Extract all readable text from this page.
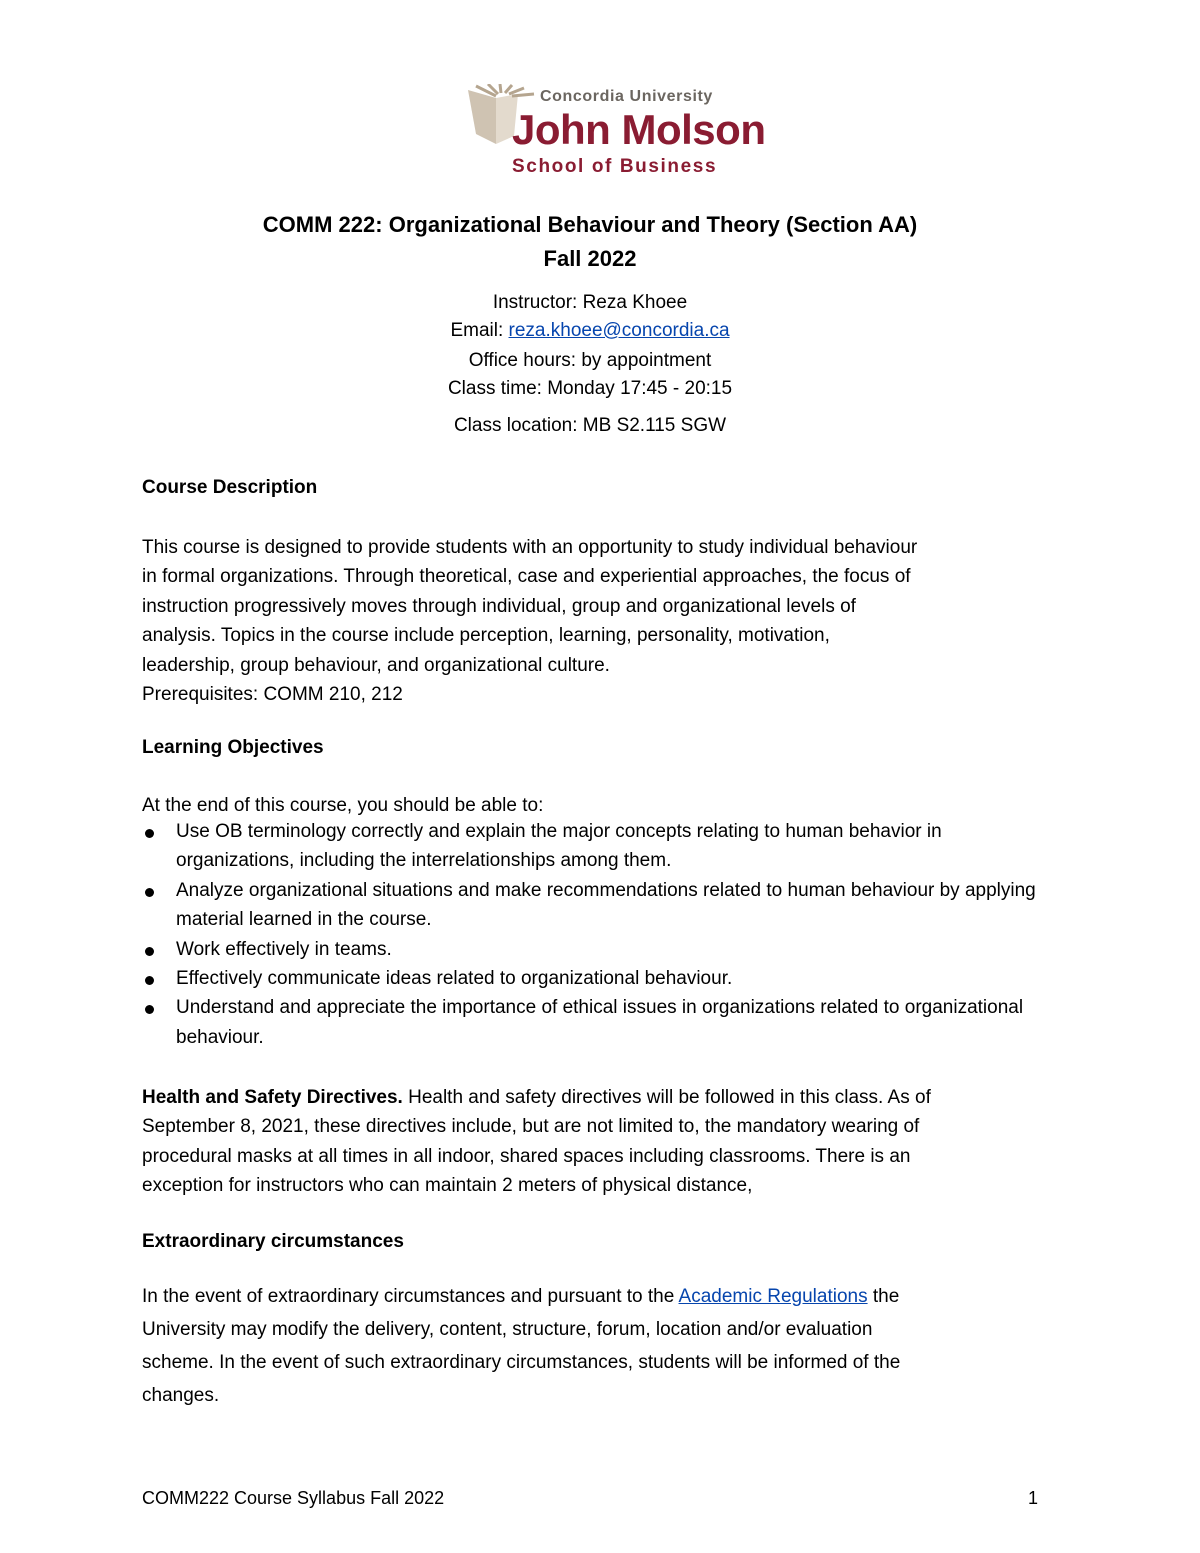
Concordia University
John Molson
School of Business
COMM 222: Organizational Behaviour and Theory (Section AA)
Fall 2022
Instructor: Reza Khoee
Email: reza.khoee@concordia.ca
Office hours: by appointment
Class time: Monday 17:45 - 20:15
Class location: MB S2.115 SGW
Course Description

This course is designed to provide students with an opportunity to study individual behaviour

in formal organizations. Through theoretical, case and experiential approaches, the focus of

instruction progressively moves through individual, group and organizational levels of

analysis. Topics in the course include perception, learning, personality, motivation,

leadership, group behaviour, and organizational culture.

Prerequisites: COMM 210, 212

Learning Objectives

At the end of this course, you should be able to:

Use OB terminology correctly and explain the major concepts relating to human behavior in organizations, including the interrelationships among them.
Analyze organizational situations and make recommendations related to human behaviour by applying material learned in the course.
Work effectively in teams.
Effectively communicate ideas related to organizational behaviour.
Understand and appreciate the importance of ethical issues in organizations related to organizational behaviour.

Health and Safety Directives. Health and safety directives will be followed in this class. As of

September 8, 2021, these directives include, but are not limited to, the mandatory wearing of

procedural masks at all times in all indoor, shared spaces including classrooms. There is an

exception for instructors who can maintain 2 meters of physical distance,

Extraordinary circumstances

In the event of extraordinary circumstances and pursuant to the Academic Regulations the

University may modify the delivery, content, structure, forum, location and/or evaluation

scheme. In the event of such extraordinary circumstances, students will be informed of the

changes.

COMM222 Course Syllabus Fall 2022	1
